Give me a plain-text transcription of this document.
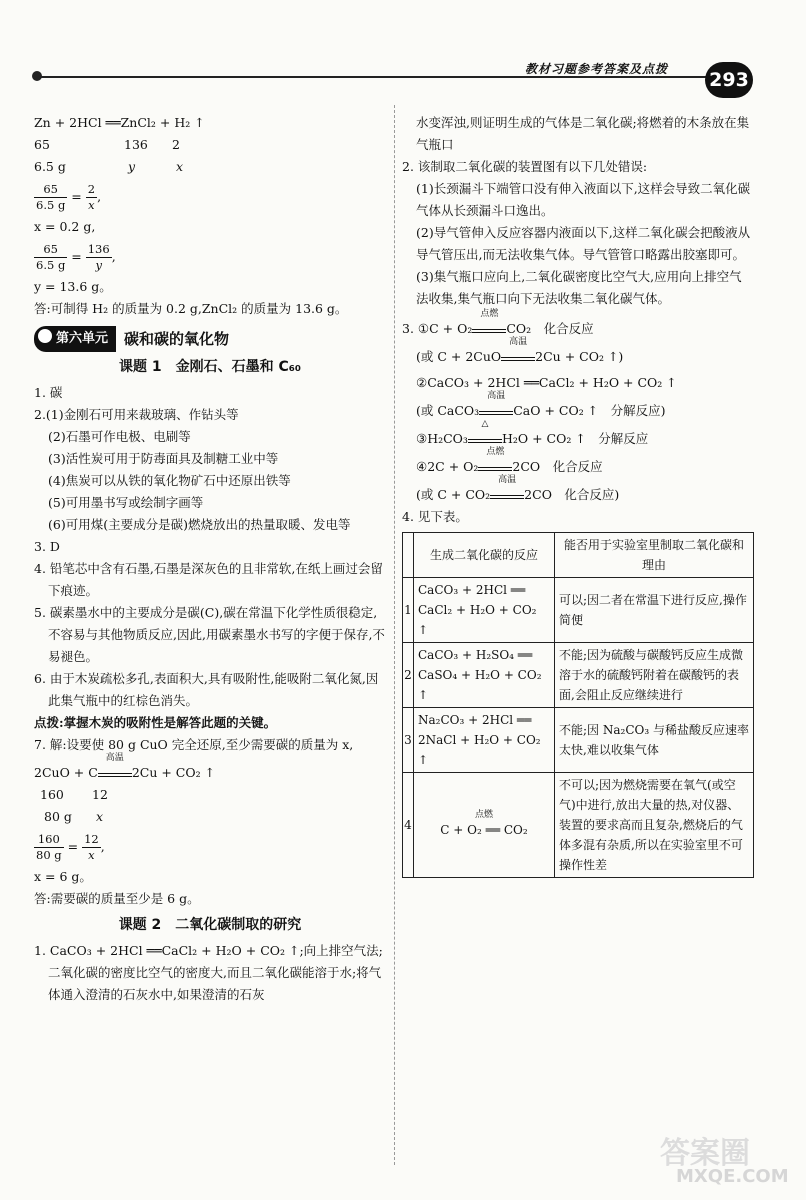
教材习题参考答案及点拨 293
Zn + 2HCl ══ZnCl₂ + H₂ ↑
65	136 2
6.5 g	y	x
$\frac{65}{6.5 g} = \frac{2}{x}$ ,
x = 0.2 g,
$\frac{65}{6.5 g} = \frac{136}{y}$ ,
y = 13.6 g。
答:可制得 H₂ 的质量为 0.2 g,ZnCl₂ 的质量为 13.6 g。
第六单元	碳和碳的氧化物
课题 1　金刚石、石墨和 C₆₀
1. 碳
2.(1)金刚石可用来裁玻璃、作钻头等
(2)石墨可作电极、电刷等
(3)活性炭可用于防毒面具及制糖工业中等
(4)焦炭可以从铁的氧化物矿石中还原出铁等
(5)可用墨书写或绘制字画等
(6)可用煤(主要成分是碳)燃烧放出的热量取暖、发电等
3. D
4. 铅笔芯中含有石墨,石墨是深灰色的且非常软,在纸上画过会留下痕迹。
5. 碳素墨水中的主要成分是碳(C),碳在常温下化学性质很稳定,不容易与其他物质反应,因此,用碳素墨水书写的字便于保存,不易褪色。
6. 由于木炭疏松多孔,表面积大,具有吸附性,能吸附二氧化氮,因此集气瓶中的红棕色消失。
点拨:掌握木炭的吸附性是解答此题的关键。
7. 解:设要使 80 g CuO 完全还原,至少需要碳的质量为 x,
2CuO + C
高温
2Cu + CO₂ ↑
160 12
80 g x
$\frac{160}{80 g} = \frac{12}{x}$ ,
x = 6 g。
答:需要碳的质量至少是 6 g。
课题 2　二氧化碳制取的研究
1. CaCO₃ + 2HCl ══CaCl₂ + H₂O + CO₂ ↑;向上排空气法;二氧化碳的密度比空气的密度大,而且二氧化碳能溶于水;将气体通入澄清的石灰水中,如果澄清的石灰
水变浑浊,则证明生成的气体是二氧化碳;将燃着的木条放在集气瓶口
2. 该制取二氧化碳的装置图有以下几处错误:
(1)长颈漏斗下端管口没有伸入液面以下,这样会导致二氧化碳气体从长颈漏斗口逸出。
(2)导气管伸入反应容器内液面以下,这样二氧化碳会把酸液从导气管压出,而无法收集气体。导气管管口略露出胶塞即可。
(3)集气瓶口应向上,二氧化碳密度比空气大,应用向上排空气法收集,集气瓶口向下无法收集二氧化碳气体。
3. ①C + O₂
点燃
CO₂　化合反应
(或 C + 2CuO
高温
2Cu + CO₂ ↑)
②CaCO₃ + 2HCl ══CaCl₂ + H₂O + CO₂ ↑
(或 CaCO₃
高温
CaO + CO₂ ↑　分解反应)
③H₂CO₃
△
H₂O + CO₂ ↑　分解反应
④2C + O₂
点燃
2CO　化合反应
(或 C + CO₂
高温
2CO　化合反应)
4. 见下表。
	生成二氧化碳的反应	能否用于实验室里制取二氧化碳和理由
1	CaCO₃ + 2HCl ══
CaCl₂ + H₂O + CO₂ ↑	可以;因二者在常温下进行反应,操作简便
2	CaCO₃ + H₂SO₄ ══
CaSO₄ + H₂O + CO₂ ↑	不能;因为硫酸与碳酸钙反应生成微溶于水的硫酸钙附着在碳酸钙的表面,会阻止反应继续进行
3	Na₂CO₃ + 2HCl ══
2NaCl + H₂O + CO₂ ↑	不能;因 Na₂CO₃ 与稀盐酸反应速率太快,难以收集气体
4	点燃
C + O₂ ══ CO₂	不可以;因为燃烧需要在氧气(或空气)中进行,放出大量的热,对仪器、装置的要求高而且复杂,燃烧后的气体多混有杂质,所以在实验室里不可操作性差
答案圈
MXQE.COM
